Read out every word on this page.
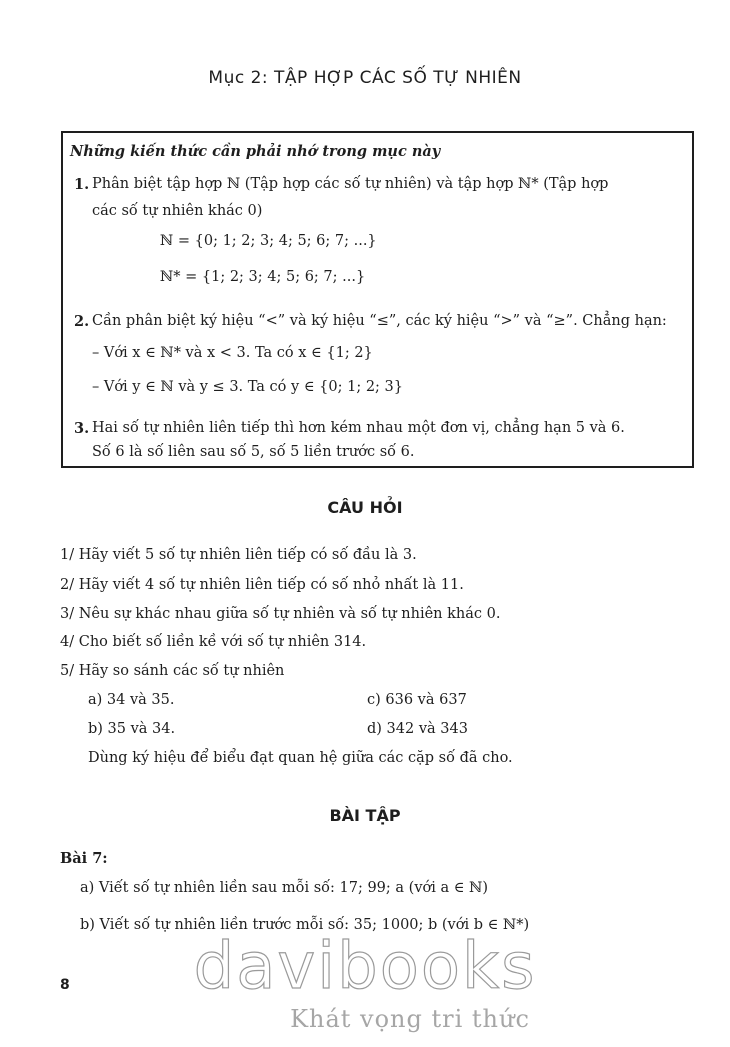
Mục 2: TẬP HỢP CÁC SỐ TỰ NHIÊN
Những kiến thức cần phải nhớ trong mục này
1. Phân biệt tập hợp ℕ (Tập hợp các số tự nhiên) và tập hợp ℕ* (Tập hợp
các số tự nhiên khác 0)
ℕ = {0; 1; 2; 3; 4; 5; 6; 7; ...}
ℕ* = {1; 2; 3; 4; 5; 6; 7; ...}
2. Cần phân biệt ký hiệu “<” và ký hiệu “≤”, các ký hiệu “>” và “≥”. Chẳng hạn:
– Với x ∈ ℕ* và x < 3. Ta có x ∈ {1; 2}
– Với y ∈ ℕ và y ≤ 3. Ta có y ∈ {0; 1; 2; 3}
3. Hai số tự nhiên liên tiếp thì hơn kém nhau một đơn vị, chẳng hạn 5 và 6.
Số 6 là số liên sau số 5, số 5 liền trước số 6.
CÂU HỎI
1/ Hãy viết 5 số tự nhiên liên tiếp có số đầu là 3.
2/ Hãy viết 4 số tự nhiên liên tiếp có số nhỏ nhất là 11.
3/ Nêu sự khác nhau giữa số tự nhiên và số tự nhiên khác 0.
4/ Cho biết số liền kề với số tự nhiên 314.
5/ Hãy so sánh các số tự nhiên
a) 34 và 35.	c) 636 và 637
b) 35 và 34.	d) 342 và 343
Dùng ký hiệu để biểu đạt quan hệ giữa các cặp số đã cho.
BÀI TẬP
Bài 7:
a) Viết số tự nhiên liền sau mỗi số: 17; 99; a (với a ∈ ℕ)
b) Viết số tự nhiên liền trước mỗi số: 35; 1000; b (với b ∈ ℕ*)
davibooks
Khát vọng tri thức
8
